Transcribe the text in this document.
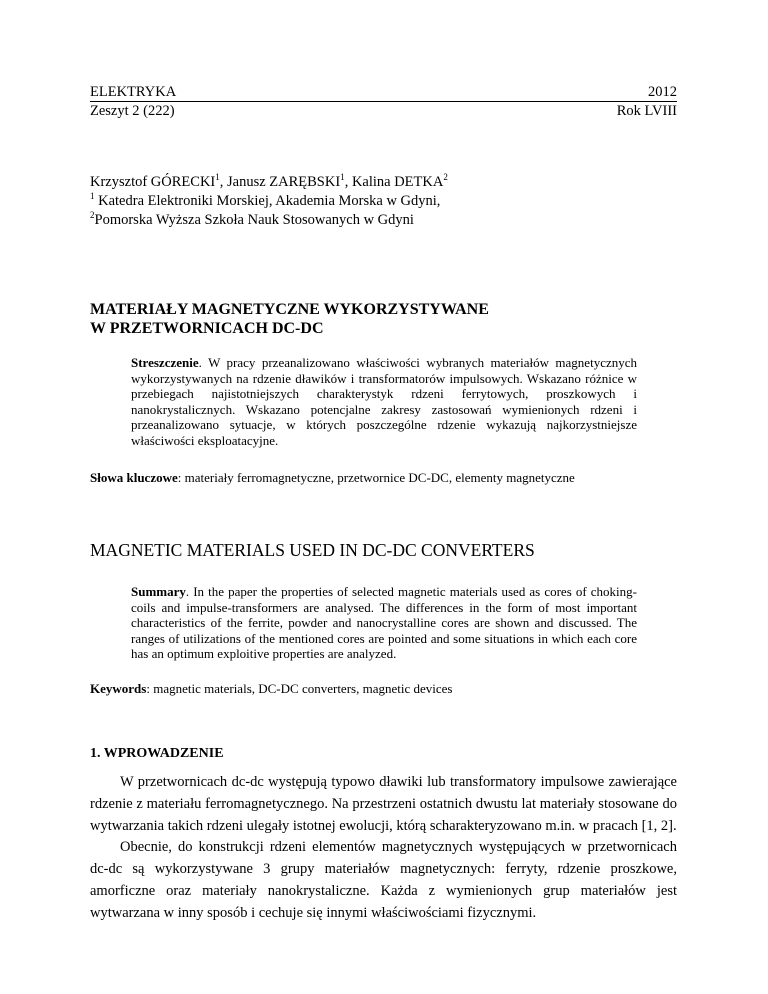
ELEKTRYKA
Zeszyt 2 (222)
2012
Rok LVIII
Krzysztof GÓRECKI$^1$, Janusz ZARĘBSKI$^1$, Kalina DETKA$^2$
$^1$ Katedra Elektroniki Morskiej, Akademia Morska w Gdyni,
$^2$Pomorska Wyższa Szkoła Nauk Stosowanych w Gdyni
MATERIAŁY MAGNETYCZNE WYKORZYSTYWANE
W PRZETWORNICACH DC-DC
Streszczenie. W pracy przeanalizowano właściwości wybranych materiałów magnetycznych wykorzystywanych na rdzenie dławików i transformatorów impulsowych. Wskazano różnice w przebiegach najistotniejszych charakterystyk rdzeni ferrytowych, proszkowych i nanokrystalicznych. Wskazano potencjalne zakresy zastosowań wymienionych rdzeni i przeanalizowano sytuacje, w których poszczególne rdzenie wykazują najkorzystniejsze właściwości eksploatacyjne.
Słowa kluczowe: materiały ferromagnetyczne, przetwornice DC-DC, elementy magnetyczne
MAGNETIC MATERIALS USED IN DC-DC CONVERTERS
Summary. In the paper the properties of selected magnetic materials used as cores of choking-coils and impulse-transformers are analysed. The differences in the form of most important characteristics of the ferrite, powder and nanocrystalline cores are shown and discussed. The ranges of utilizations of the mentioned cores are pointed and some situations in which each core has an optimum exploitive properties are analyzed.
Keywords: magnetic materials, DC-DC converters, magnetic devices
1. WPROWADZENIE

W przetwornicach dc-dc występują typowo dławiki lub transformatory impulsowe zawierające rdzenie z materiału ferromagnetycznego. Na przestrzeni ostatnich dwustu lat materiały stosowane do wytwarzania takich rdzeni ulegały istotnej ewolucji, którą scharakteryzowano m.in. w pracach [1, 2].

Obecnie, do konstrukcji rdzeni elementów magnetycznych występujących w przetwornicach dc-dc są wykorzystywane 3 grupy materiałów magnetycznych: ferryty, rdzenie proszkowe, amorficzne oraz materiały nanokrystaliczne. Każda z wymienionych grup materiałów jest wytwarzana w inny sposób i cechuje się innymi właściwościami fizycznymi.
